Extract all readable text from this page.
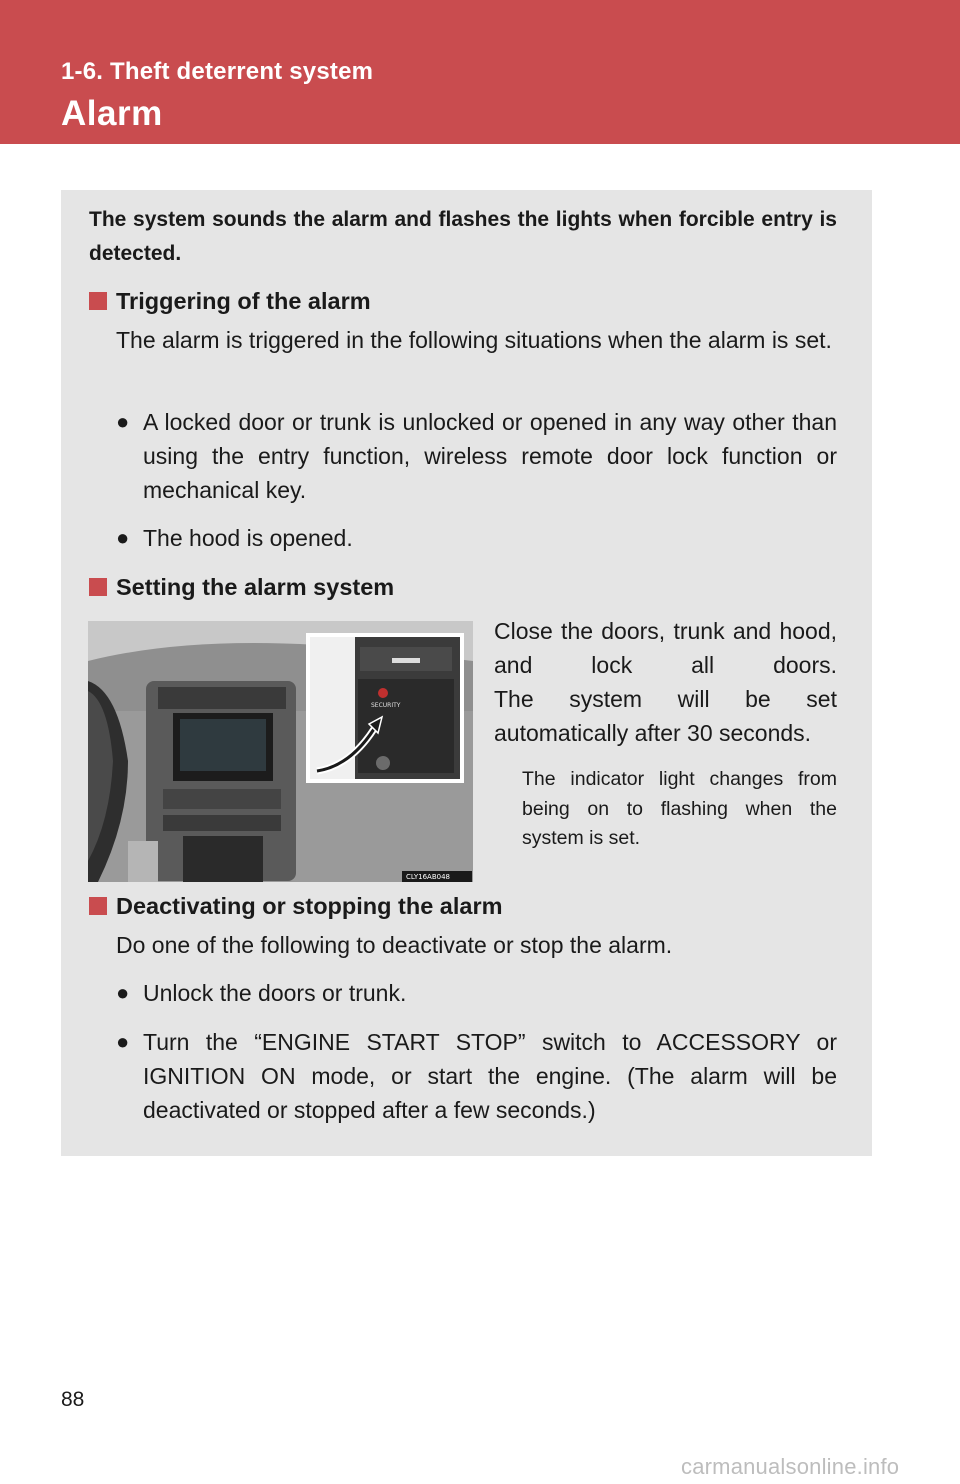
1-6. Theft deterrent system
Alarm
The system sounds the alarm and flashes the lights when forcible entry is detected.
Triggering of the alarm
The alarm is triggered in the following situations when the alarm is set.
● A locked door or trunk is unlocked or opened in any way other than using the entry function, wireless remote door lock function or mechanical key.
● The hood is opened.
Setting the alarm system
SECURITY
CLY16AB048

Close the doors, trunk and hood, and lock all doors.

The system will be set automatically after 30 seconds.

The indicator light changes from being on to flashing when the system is set.
Deactivating or stopping the alarm
Do one of the following to deactivate or stop the alarm.
● Unlock the doors or trunk.
● Turn the “ENGINE START STOP” switch to ACCESSORY or IGNITION ON mode, or start the engine. (The alarm will be deactivated or stopped after a few seconds.)
88
carmanualsonline.info
